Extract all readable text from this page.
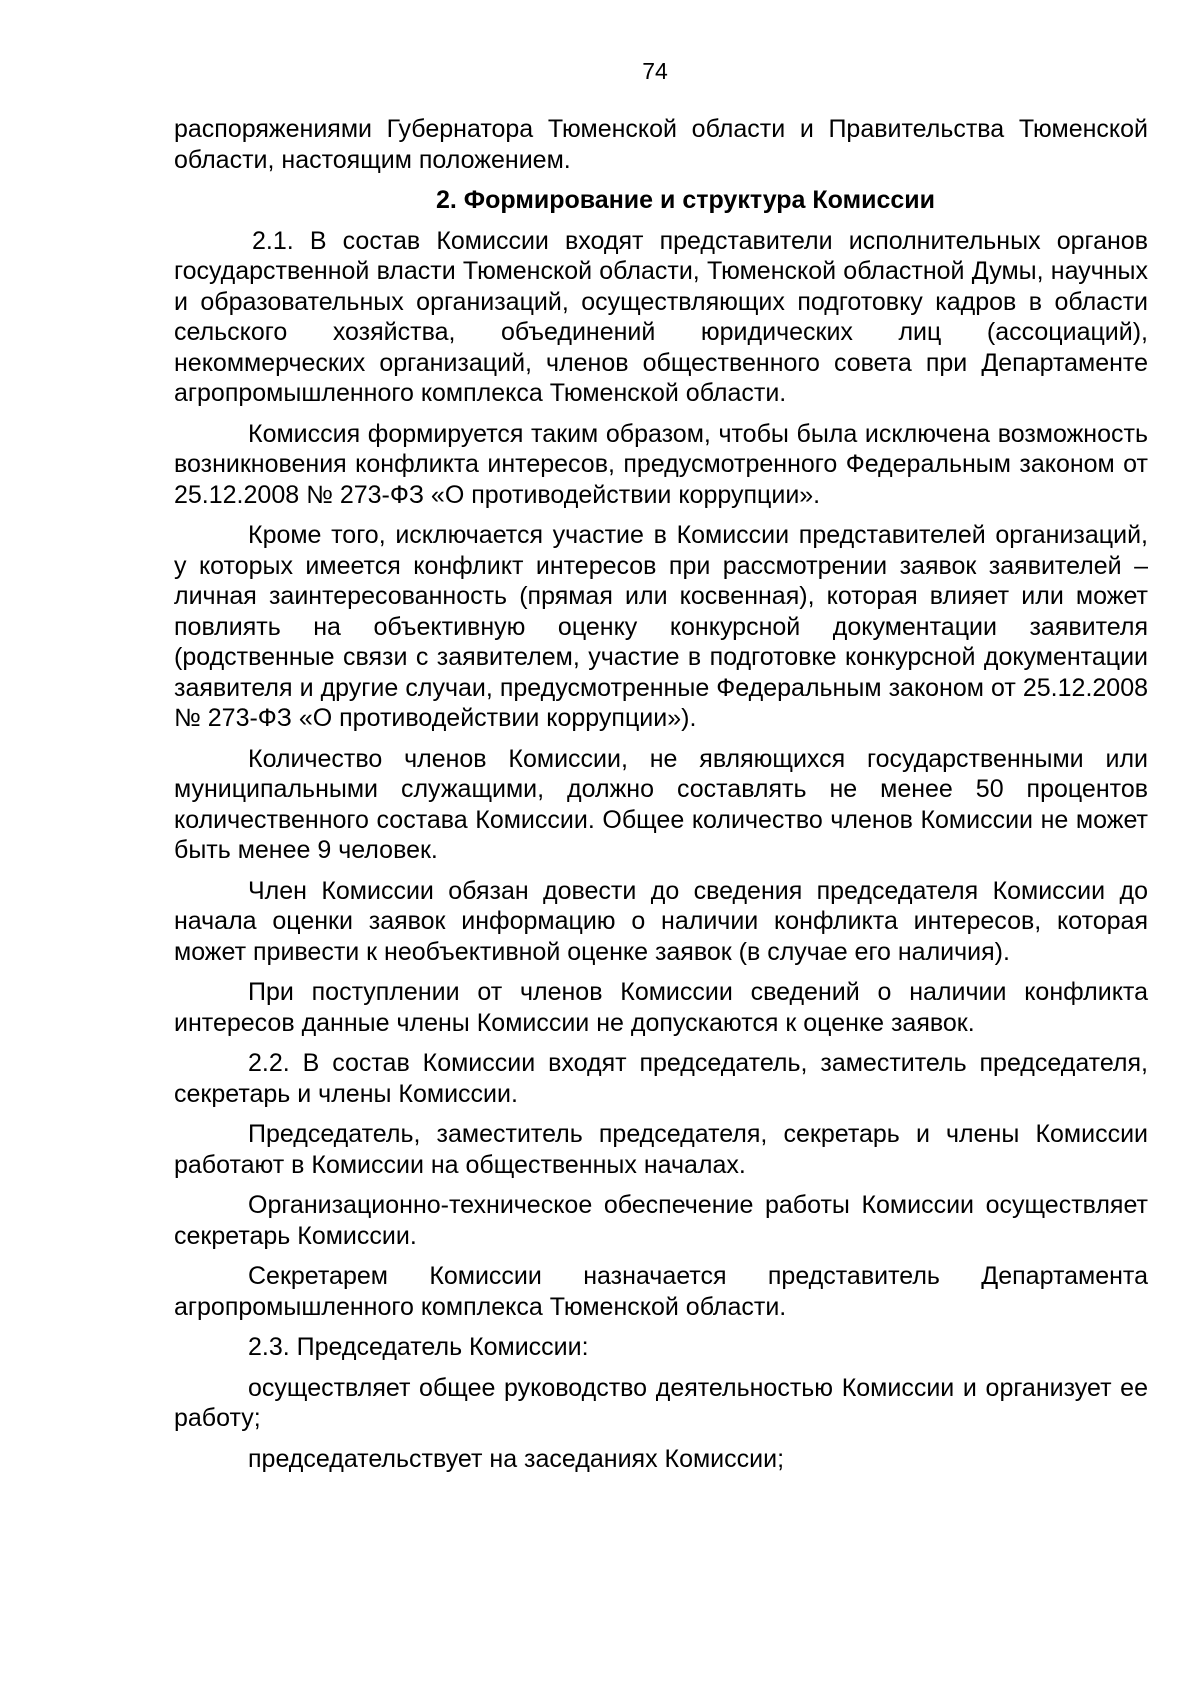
74

распоряжениями Губернатора Тюменской области и Правительства Тюменской области, настоящим положением.

2. Формирование и структура Комиссии

2.1. В состав Комиссии входят представители исполнительных органов государственной власти Тюменской области, Тюменской областной Думы, научных и образовательных организаций, осуществляющих подготовку кадров в области сельского хозяйства, объединений юридических лиц (ассоциаций), некоммерческих организаций, членов общественного совета при Департаменте агропромышленного комплекса Тюменской области.

Комиссия формируется таким образом, чтобы была исключена возможность возникновения конфликта интересов, предусмотренного Федеральным законом от 25.12.2008 № 273-ФЗ «О противодействии коррупции».

Кроме того, исключается участие в Комиссии представителей организаций, у которых имеется конфликт интересов при рассмотрении заявок заявителей – личная заинтересованность (прямая или косвенная), которая влияет или может повлиять на объективную оценку конкурсной документации заявителя (родственные связи с заявителем, участие в подготовке конкурсной документации заявителя и другие случаи, предусмотренные Федеральным законом от 25.12.2008 № 273-ФЗ «О противодействии коррупции»).

Количество членов Комиссии, не являющихся государственными или муниципальными служащими, должно составлять не менее 50 процентов количественного состава Комиссии. Общее количество членов Комиссии не может быть менее 9 человек.

Член Комиссии обязан довести до сведения председателя Комиссии до начала оценки заявок информацию о наличии конфликта интересов, которая может привести к необъективной оценке заявок (в случае его наличия).

При поступлении от членов Комиссии сведений о наличии конфликта интересов данные члены Комиссии не допускаются к оценке заявок.

2.2. В состав Комиссии входят председатель, заместитель председателя, секретарь и члены Комиссии.

Председатель, заместитель председателя, секретарь и члены Комиссии работают в Комиссии на общественных началах.

Организационно-техническое обеспечение работы Комиссии осуществляет секретарь Комиссии.

Секретарем Комиссии назначается представитель Департамента агропромышленного комплекса Тюменской области.

2.3. Председатель Комиссии:

осуществляет общее руководство деятельностью Комиссии и организует ее работу;

председательствует на заседаниях Комиссии;
